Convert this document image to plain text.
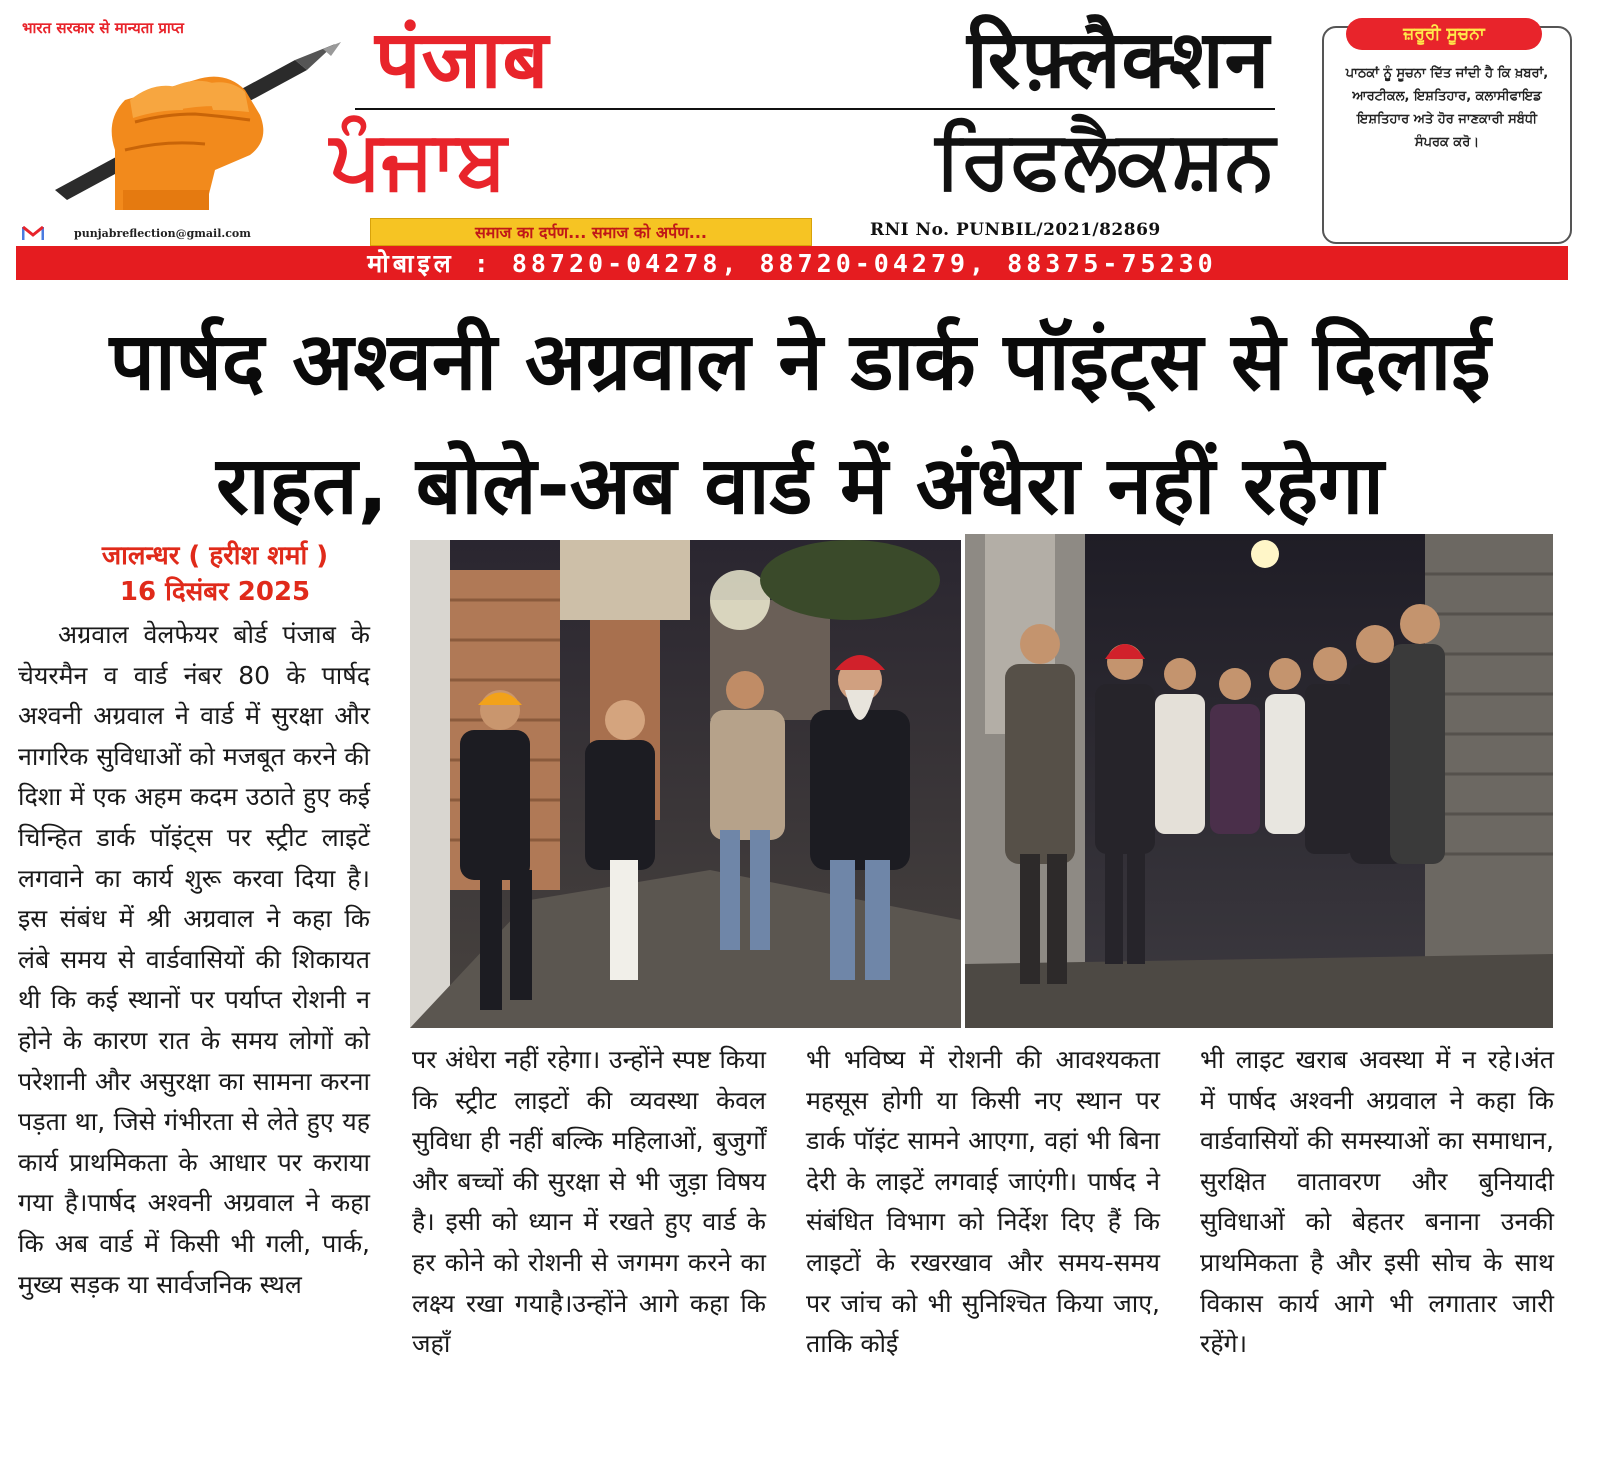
भारत सरकार से मान्यता प्राप्त
punjabreflection@gmail.com
पंजाब	रिफ़्लैक्शन
ਪੰਜਾਬ	ਰਿਫਲੈਕਸ਼ਨ
समाज का दर्पण... समाज को अर्पण...	RNI No. PUNBIL/2021/82869
ਜ਼ਰੂਰੀ ਸੂਚਨਾ
ਪਾਠਕਾਂ ਨੂੰ ਸੂਚਨਾ ਦਿੱਤ ਜਾਂਦੀ ਹੈ ਕਿ ਖ਼ਬਰਾਂ, ਆਰਟੀਕਲ, ਇਸ਼ਤਿਹਾਰ, ਕਲਾਸੀਫਾਇਡ ਇਸ਼ਤਿਹਾਰ ਅਤੇ ਹੋਰ ਜਾਣਕਾਰੀ ਸਬੰਧੀ ਸੰਪਰਕ ਕਰੋ।
मोबाइल : 88720-04278, 88720-04279, 88375-75230
पार्षद अश्वनी अग्रवाल ने डार्क पॉइंट्स से दिलाई
राहत, बोले-अब वार्ड में अंधेरा नहीं रहेगा
जालन्धर ( हरीश शर्मा )
16 दिसंबर 2025
अग्रवाल वेलफेयर बोर्ड पंजाब के चेयरमैन व वार्ड नंबर 80 के पार्षद अश्वनी अग्रवाल ने वार्ड में सुरक्षा और नागरिक सुविधाओं को मजबूत करने की दिशा में एक अहम कदम उठाते हुए कई चिन्हित डार्क पॉइंट्स पर स्ट्रीट लाइटें लगवाने का कार्य शुरू करवा दिया है।इस संबंध में श्री अग्रवाल ने कहा कि लंबे समय से वार्डवासियों की शिकायत थी कि कई स्थानों पर पर्याप्त रोशनी न होने के कारण रात के समय लोगों को परेशानी और असुरक्षा का सामना करना पड़ता था, जिसे गंभीरता से लेते हुए यह कार्य प्राथमिकता के आधार पर कराया गया है।पार्षद अश्वनी अग्रवाल ने कहा कि अब वार्ड में किसी भी गली, पार्क, मुख्य सड़क या सार्वजनिक स्थल
पर अंधेरा नहीं रहेगा। उन्होंने स्पष्ट किया कि स्ट्रीट लाइटों की व्यवस्था केवल सुविधा ही नहीं बल्कि महिलाओं, बुजुर्गों और बच्चों की सुरक्षा से भी जुड़ा विषय है। इसी को ध्यान में रखते हुए वार्ड के हर कोने को रोशनी से जगमग करने का लक्ष्य रखा गयाहै।उन्होंने आगे कहा कि जहाँ
भी भविष्य में रोशनी की आवश्यकता महसूस होगी या किसी नए स्थान पर डार्क पॉइंट सामने आएगा, वहां भी बिना देरी के लाइटें लगवाई जाएंगी। पार्षद ने संबंधित विभाग को निर्देश दिए हैं कि लाइटों के रखरखाव और समय-समय पर जांच को भी सुनिश्चित किया जाए, ताकि कोई
भी लाइट खराब अवस्था में न रहे।अंत में पार्षद अश्वनी अग्रवाल ने कहा कि वार्डवासियों की समस्याओं का समाधान, सुरक्षित वातावरण और बुनियादी सुविधाओं को बेहतर बनाना उनकी प्राथमिकता है और इसी सोच के साथ विकास कार्य आगे भी लगातार जारी रहेंगे।
